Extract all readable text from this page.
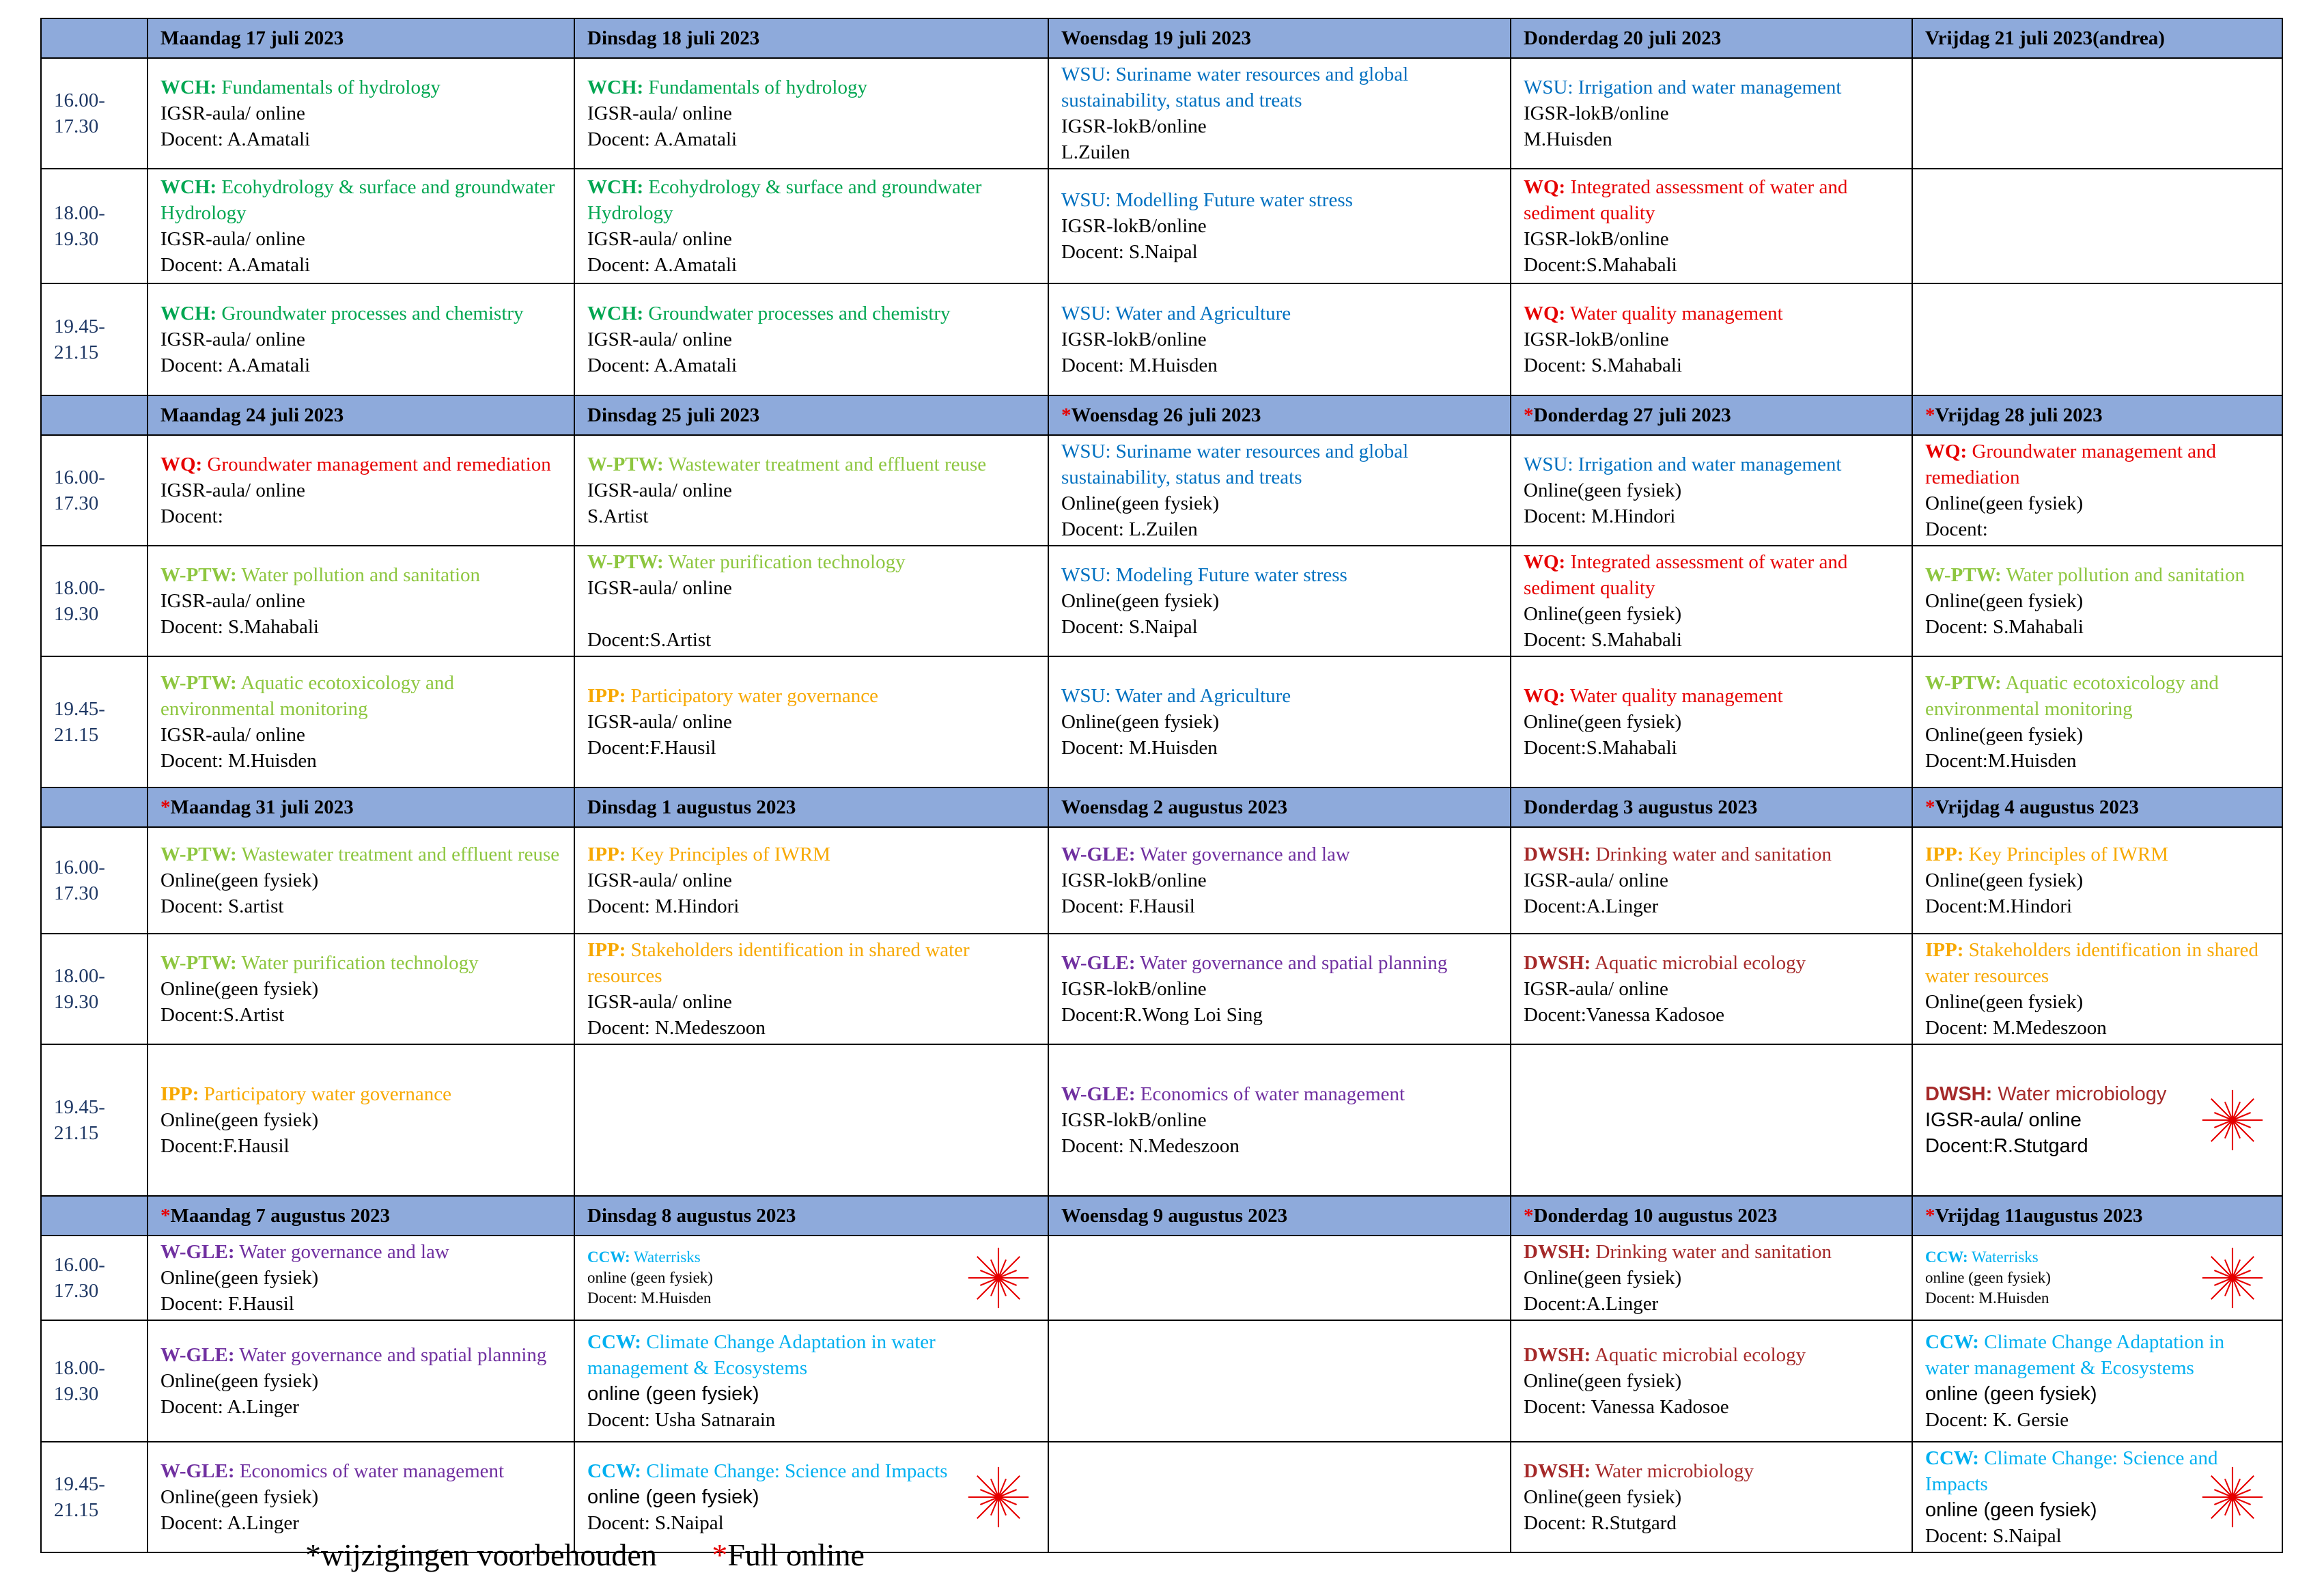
	Maandag 17 juli 2023	Dinsdag 18 juli 2023	Woensdag 19 juli 2023	Donderdag 20 juli 2023	Vrijdag 21 juli 2023(andrea)

16.00-
17.30	WCH: Fundamentals of hydrology
IGSR-aula/ online
Docent: A.Amatali	WCH: Fundamentals of hydrology
IGSR-aula/ online
Docent: A.Amatali	WSU: Suriname water resources and global sustainability, status and treats
IGSR-lokB/online
L.Zuilen	WSU: Irrigation and water management
IGSR-lokB/online
M.Huisden	

18.00-
19.30	WCH: Ecohydrology & surface and groundwater Hydrology
IGSR-aula/ online
Docent: A.Amatali	WCH: Ecohydrology & surface and groundwater Hydrology
IGSR-aula/ online
Docent: A.Amatali	WSU: Modelling Future water stress
IGSR-lokB/online
Docent: S.Naipal	WQ: Integrated assessment of water and sediment quality
IGSR-lokB/online
Docent:S.Mahabali	

19.45-
21.15	WCH: Groundwater processes and chemistry
IGSR-aula/ online
Docent: A.Amatali	WCH: Groundwater processes and chemistry
IGSR-aula/ online
Docent: A.Amatali	WSU: Water and Agriculture
IGSR-lokB/online
Docent: M.Huisden	WQ: Water quality management
IGSR-lokB/online
Docent: S.Mahabali	

	Maandag 24 juli 2023	Dinsdag 25 juli 2023	*Woensdag 26 juli 2023	*Donderdag 27 juli 2023	*Vrijdag 28 juli 2023

16.00-
17.30	WQ: Groundwater management and remediation
IGSR-aula/ online
Docent:	W-PTW: Wastewater treatment and effluent reuse
IGSR-aula/ online
S.Artist	WSU: Suriname water resources and global sustainability, status and treats
Online(geen fysiek)
Docent: L.Zuilen	WSU: Irrigation and water management
Online(geen fysiek)
Docent: M.Hindori	WQ: Groundwater management and remediation
Online(geen fysiek)
Docent:

18.00-
19.30	W-PTW: Water pollution and sanitation
IGSR-aula/ online
Docent: S.Mahabali	W-PTW: Water purification technology
IGSR-aula/ online
Docent:S.Artist	WSU: Modeling Future water stress
Online(geen fysiek)
Docent: S.Naipal	WQ: Integrated assessment of water and sediment quality
Online(geen fysiek)
Docent: S.Mahabali	W-PTW: Water pollution and sanitation
Online(geen fysiek)
Docent: S.Mahabali

19.45-
21.15	W-PTW: Aquatic ecotoxicology and environmental monitoring
IGSR-aula/ online
Docent: M.Huisden	IPP: Participatory water governance
IGSR-aula/ online
Docent:F.Hausil	WSU: Water and Agriculture
Online(geen fysiek)
Docent: M.Huisden	WQ: Water quality management
Online(geen fysiek)
Docent:S.Mahabali	W-PTW: Aquatic ecotoxicology and environmental monitoring
Online(geen fysiek)
Docent:M.Huisden

	*Maandag 31 juli 2023	Dinsdag 1 augustus 2023	Woensdag 2 augustus 2023	Donderdag 3 augustus 2023	*Vrijdag 4 augustus 2023

16.00-
17.30	W-PTW: Wastewater treatment and effluent reuse
Online(geen fysiek)
Docent: S.artist	IPP: Key Principles of IWRM
IGSR-aula/ online
Docent: M.Hindori	W-GLE: Water governance and law
IGSR-lokB/online
Docent: F.Hausil	DWSH: Drinking water and sanitation
IGSR-aula/ online
Docent:A.Linger	IPP: Key Principles of IWRM
Online(geen fysiek)
Docent:M.Hindori

18.00-
19.30	W-PTW: Water purification technology
Online(geen fysiek)
Docent:S.Artist	IPP: Stakeholders identification in shared water resources
IGSR-aula/ online
Docent: N.Medeszoon	W-GLE: Water governance and spatial planning
IGSR-lokB/online
Docent:R.Wong Loi Sing	DWSH: Aquatic microbial ecology
IGSR-aula/ online
Docent:Vanessa Kadosoe	IPP: Stakeholders identification in shared water resources
Online(geen fysiek)
Docent: M.Medeszoon

19.45-
21.15	IPP: Participatory water governance
Online(geen fysiek)
Docent:F.Hausil		W-GLE: Economics of water management
IGSR-lokB/online
Docent: N.Medeszoon		DWSH: Water microbiology
IGSR-aula/ online
Docent:R.Stutgard

	*Maandag 7 augustus 2023	Dinsdag 8 augustus 2023	Woensdag 9 augustus 2023	*Donderdag 10 augustus 2023	*Vrijdag 11augustus 2023

16.00-
17.30	W-GLE: Water governance and law
Online(geen fysiek)
Docent: F.Hausil	CCW: Waterrisks
online (geen fysiek)
Docent: M.Huisden		DWSH: Drinking water and sanitation
Online(geen fysiek)
Docent:A.Linger	CCW: Waterrisks
online (geen fysiek)
Docent: M.Huisden

18.00-
19.30	W-GLE: Water governance and spatial planning
Online(geen fysiek)
Docent: A.Linger	CCW: Climate Change Adaptation in water management & Ecosystems
online (geen fysiek)
Docent: Usha Satnarain		DWSH: Aquatic microbial ecology
Online(geen fysiek)
Docent: Vanessa Kadosoe	CCW: Climate Change Adaptation in water management & Ecosystems
online (geen fysiek)
Docent: K. Gersie

19.45-
21.15	W-GLE: Economics of water management
Online(geen fysiek)
Docent: A.Linger	CCW: Climate Change: Science and Impacts
online (geen fysiek)
Docent: S.Naipal		DWSH: Water microbiology
Online(geen fysiek)
Docent: R.Stutgard	CCW: Climate Change: Science and Impacts
online (geen fysiek)
Docent: S.Naipal
*wijzigingen voorbehouden *Full online
